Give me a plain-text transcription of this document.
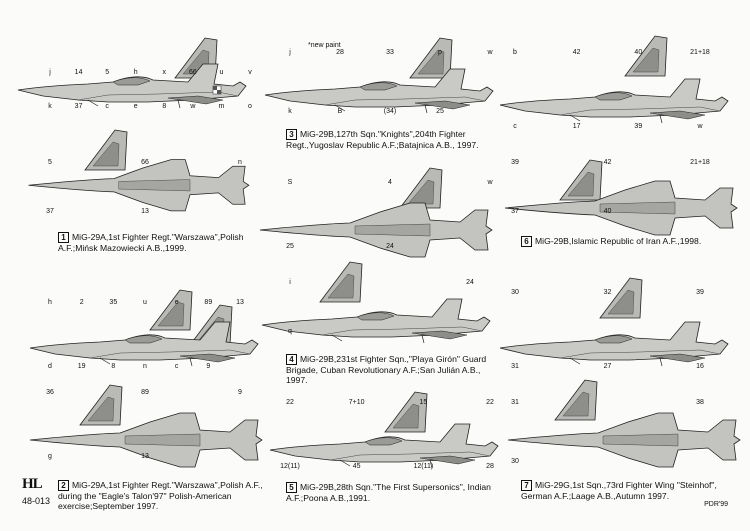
j
k
14
37
5
c
h
e
x
8
66
w
u
m
v
o
5
37
66
13
n
h
d
2
19
35
8
u
n
e
c
89
9
13
36
g
89
13
9
j
k
28
B
33
(34)
p
25
w
S
25
4
24
w
i
q
24
22
12(11)
7+10
45
15
12(11)
22
28
b
c
42
17
40
39
21+18
w
39
37
42
40
21+18
30
31
32
27
39
16
31
30
38
*new paint
1 MiG-29A,1st Fighter Regt."Warszawa",Polish A.F.;Mińsk Mazowiecki A.B.,1999.
2 MiG-29A,1st Fighter Regt."Warszawa",Polish A.F., during the "Eagle's Talon'97" Polish-American exercise;September 1997.
3 MiG-29B,127th Sqn."Knights",204th Fighter Regt.,Yugoslav Republic A.F.;Batajnica A.B., 1997.
4 MiG-29B,231st Fighter Sqn.,"Playa Girón" Guard Brigade, Cuban Revolutionary A.F.;San Julián A.B., 1997.
5 MiG-29B,28th Sqn."The First Supersonics", Indian A.F.;Poona A.B.,1991.
6 MiG-29B,Islamic Republic of Iran A.F.,1998.
7 MiG-29G,1st Sqn.,73rd Fighter Wing "Steinhof", German A.F.;Laage A.B.,Autumn 1997.
HL
48-013	PDR'99
